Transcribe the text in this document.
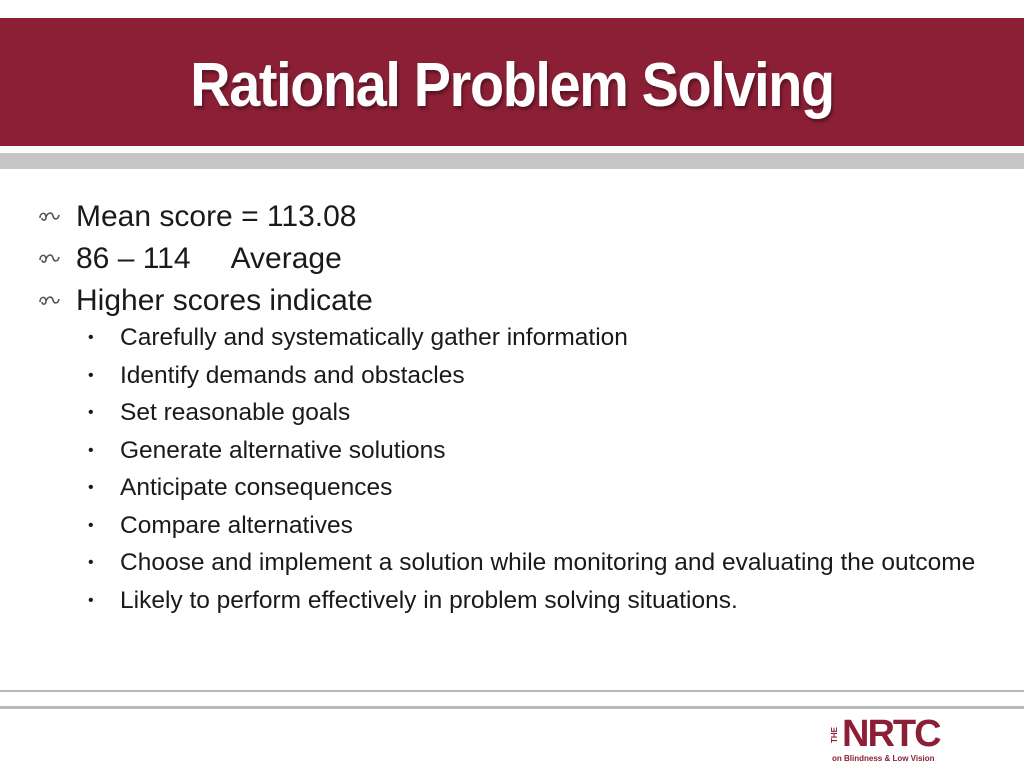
Rational Problem Solving
Mean score = 113.08
86 – 114 Average
Higher scores indicate
• Carefully and systematically gather information
• Identify demands and obstacles
• Set reasonable goals
• Generate alternative solutions
• Anticipate consequences
• Compare alternatives
• Choose and implement a solution while monitoring and evaluating the outcome
• Likely to perform effectively in problem solving situations.
THE NRTC
on Blindness & Low Vision
